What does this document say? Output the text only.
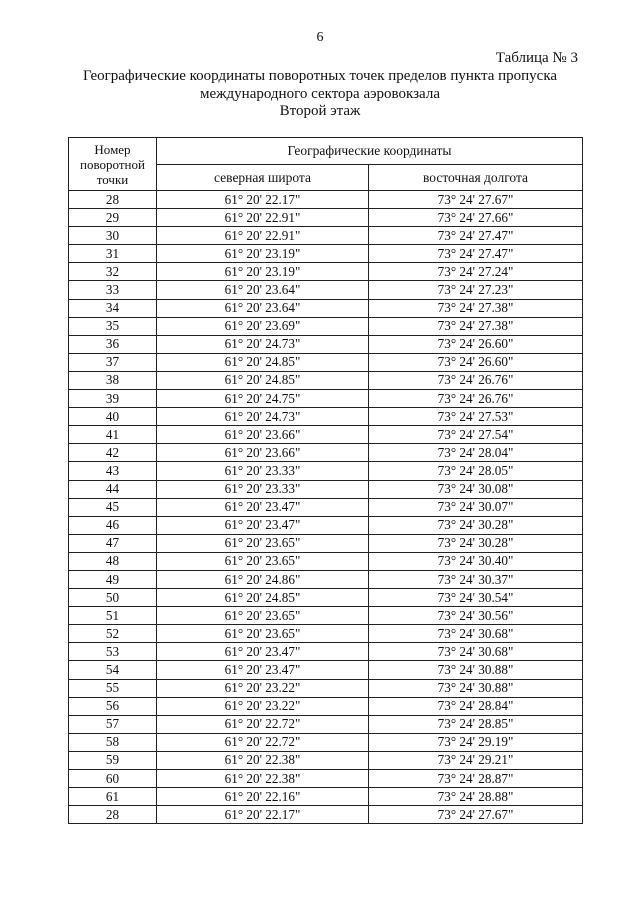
6
Таблица № 3
Географические координаты поворотных точек пределов пункта пропуска
международного сектора аэровокзала
Второй этаж
Номер поворотной точки	Географические координаты	
	северная широта	восточная долгота
28	61° 20' 22.17"	73° 24' 27.67"
29	61° 20' 22.91"	73° 24' 27.66"
30	61° 20' 22.91"	73° 24' 27.47"
31	61° 20' 23.19"	73° 24' 27.47"
32	61° 20' 23.19"	73° 24' 27.24"
33	61° 20' 23.64"	73° 24' 27.23"
34	61° 20' 23.64"	73° 24' 27.38"
35	61° 20' 23.69"	73° 24' 27.38"
36	61° 20' 24.73"	73° 24' 26.60"
37	61° 20' 24.85"	73° 24' 26.60"
38	61° 20' 24.85"	73° 24' 26.76"
39	61° 20' 24.75"	73° 24' 26.76"
40	61° 20' 24.73"	73° 24' 27.53"
41	61° 20' 23.66"	73° 24' 27.54"
42	61° 20' 23.66"	73° 24' 28.04"
43	61° 20' 23.33"	73° 24' 28.05"
44	61° 20' 23.33"	73° 24' 30.08"
45	61° 20' 23.47"	73° 24' 30.07"
46	61° 20' 23.47"	73° 24' 30.28"
47	61° 20' 23.65"	73° 24' 30.28"
48	61° 20' 23.65"	73° 24' 30.40"
49	61° 20' 24.86"	73° 24' 30.37"
50	61° 20' 24.85"	73° 24' 30.54"
51	61° 20' 23.65"	73° 24' 30.56"
52	61° 20' 23.65"	73° 24' 30.68"
53	61° 20' 23.47"	73° 24' 30.68"
54	61° 20' 23.47"	73° 24' 30.88"
55	61° 20' 23.22"	73° 24' 30.88"
56	61° 20' 23.22"	73° 24' 28.84"
57	61° 20' 22.72"	73° 24' 28.85"
58	61° 20' 22.72"	73° 24' 29.19"
59	61° 20' 22.38"	73° 24' 29.21"
60	61° 20' 22.38"	73° 24' 28.87"
61	61° 20' 22.16"	73° 24' 28.88"
28	61° 20' 22.17"	73° 24' 27.67"
